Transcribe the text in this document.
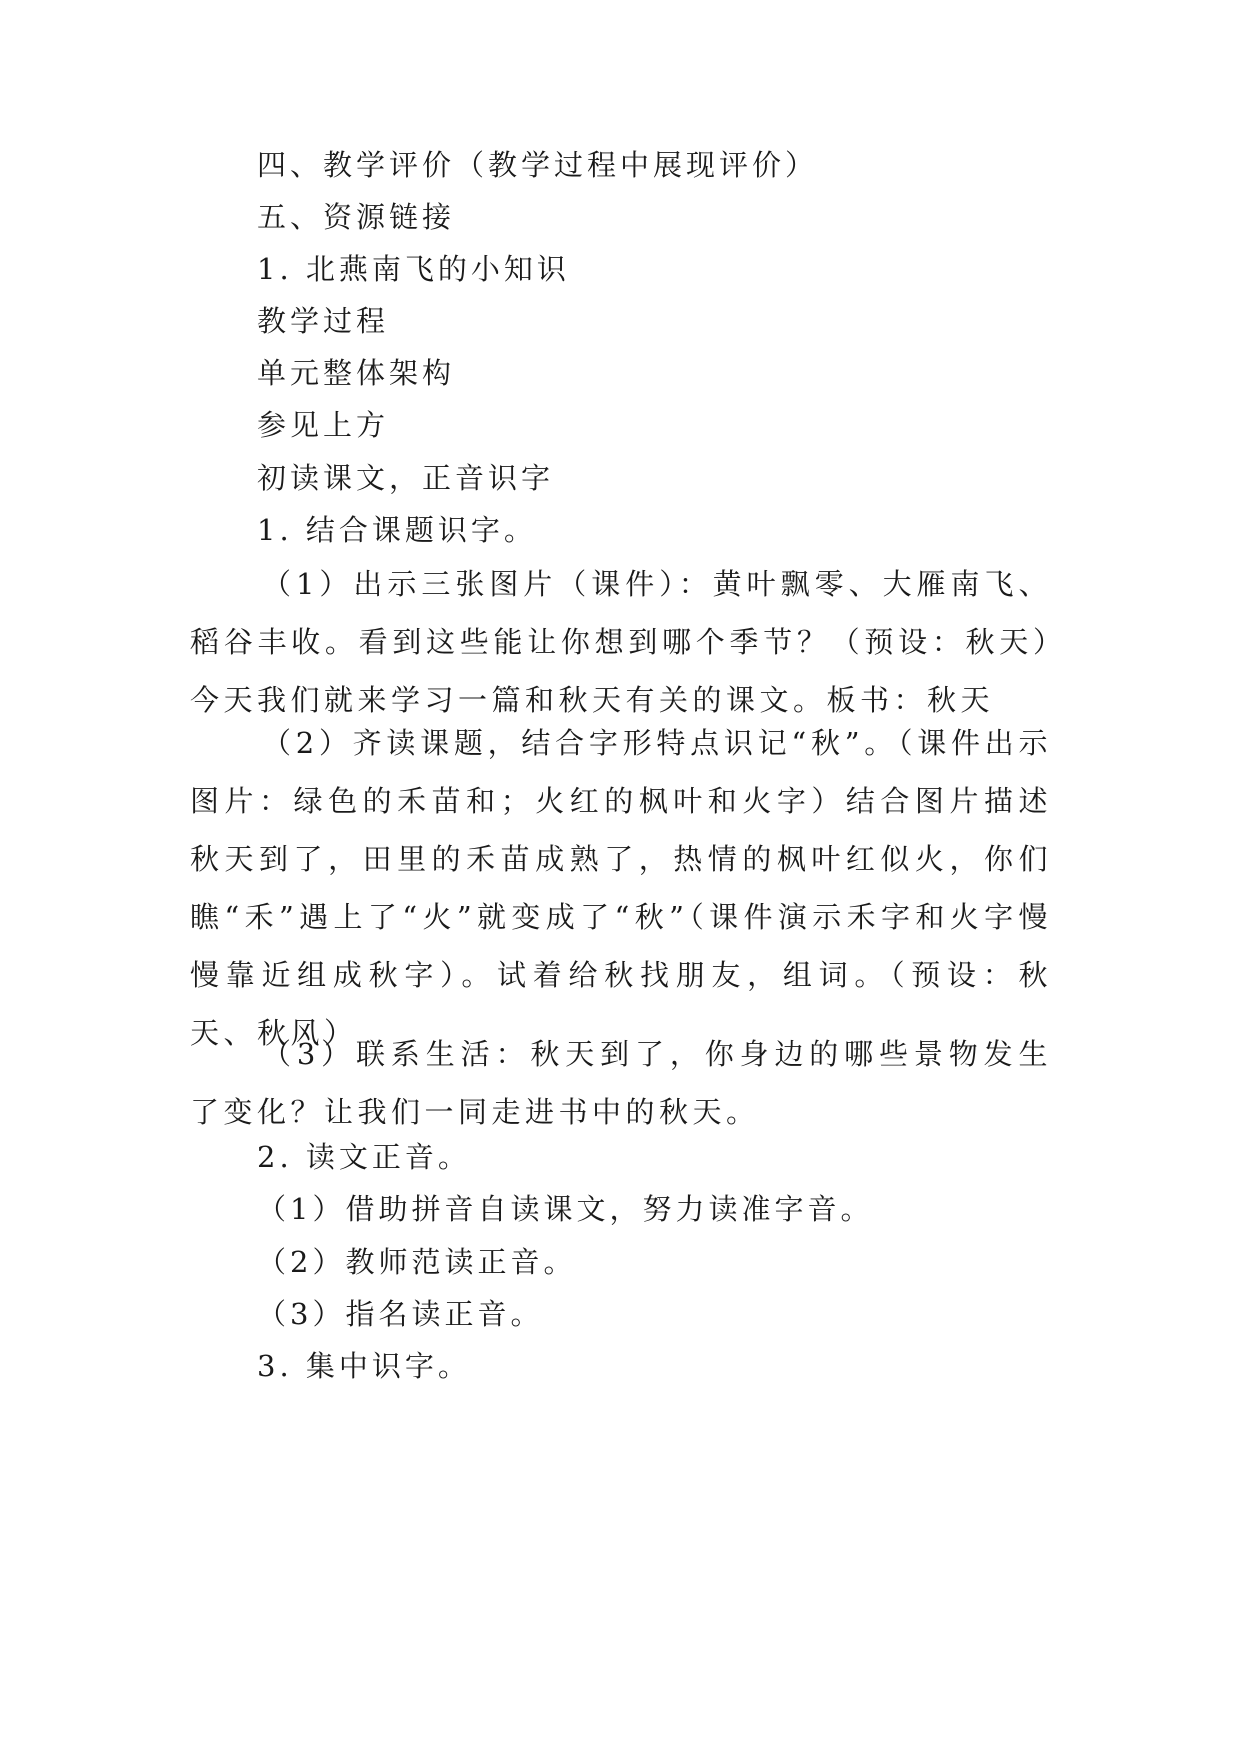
四、教学评价（教学过程中展现评价）
五、资源链接
1. 北燕南飞的小知识
教学过程
单元整体架构
参见上方
初读课文，正音识字
1. 结合课题识字。
（1）出示三张图片（课件）：黄叶飘零、大雁南飞、稻谷丰收。看到这些能让你想到哪个季节？（预设：秋天）今天我们就来学习一篇和秋天有关的课文。板书：秋天
（2）齐读课题，结合字形特点识记“秋”。（课件出示图片：绿色的禾苗和；火红的枫叶和火字）结合图片描述秋天到了，田里的禾苗成熟了，热情的枫叶红似火，你们瞧“禾”遇上了“火”就变成了“秋”（课件演示禾字和火字慢慢靠近组成秋字）。试着给秋找朋友，组词。（预设：秋天、秋风）
（3）联系生活：秋天到了，你身边的哪些景物发生了变化？让我们一同走进书中的秋天。
2. 读文正音。
（1）借助拼音自读课文，努力读准字音。
（2）教师范读正音。
（3）指名读正音。
3. 集中识字。
